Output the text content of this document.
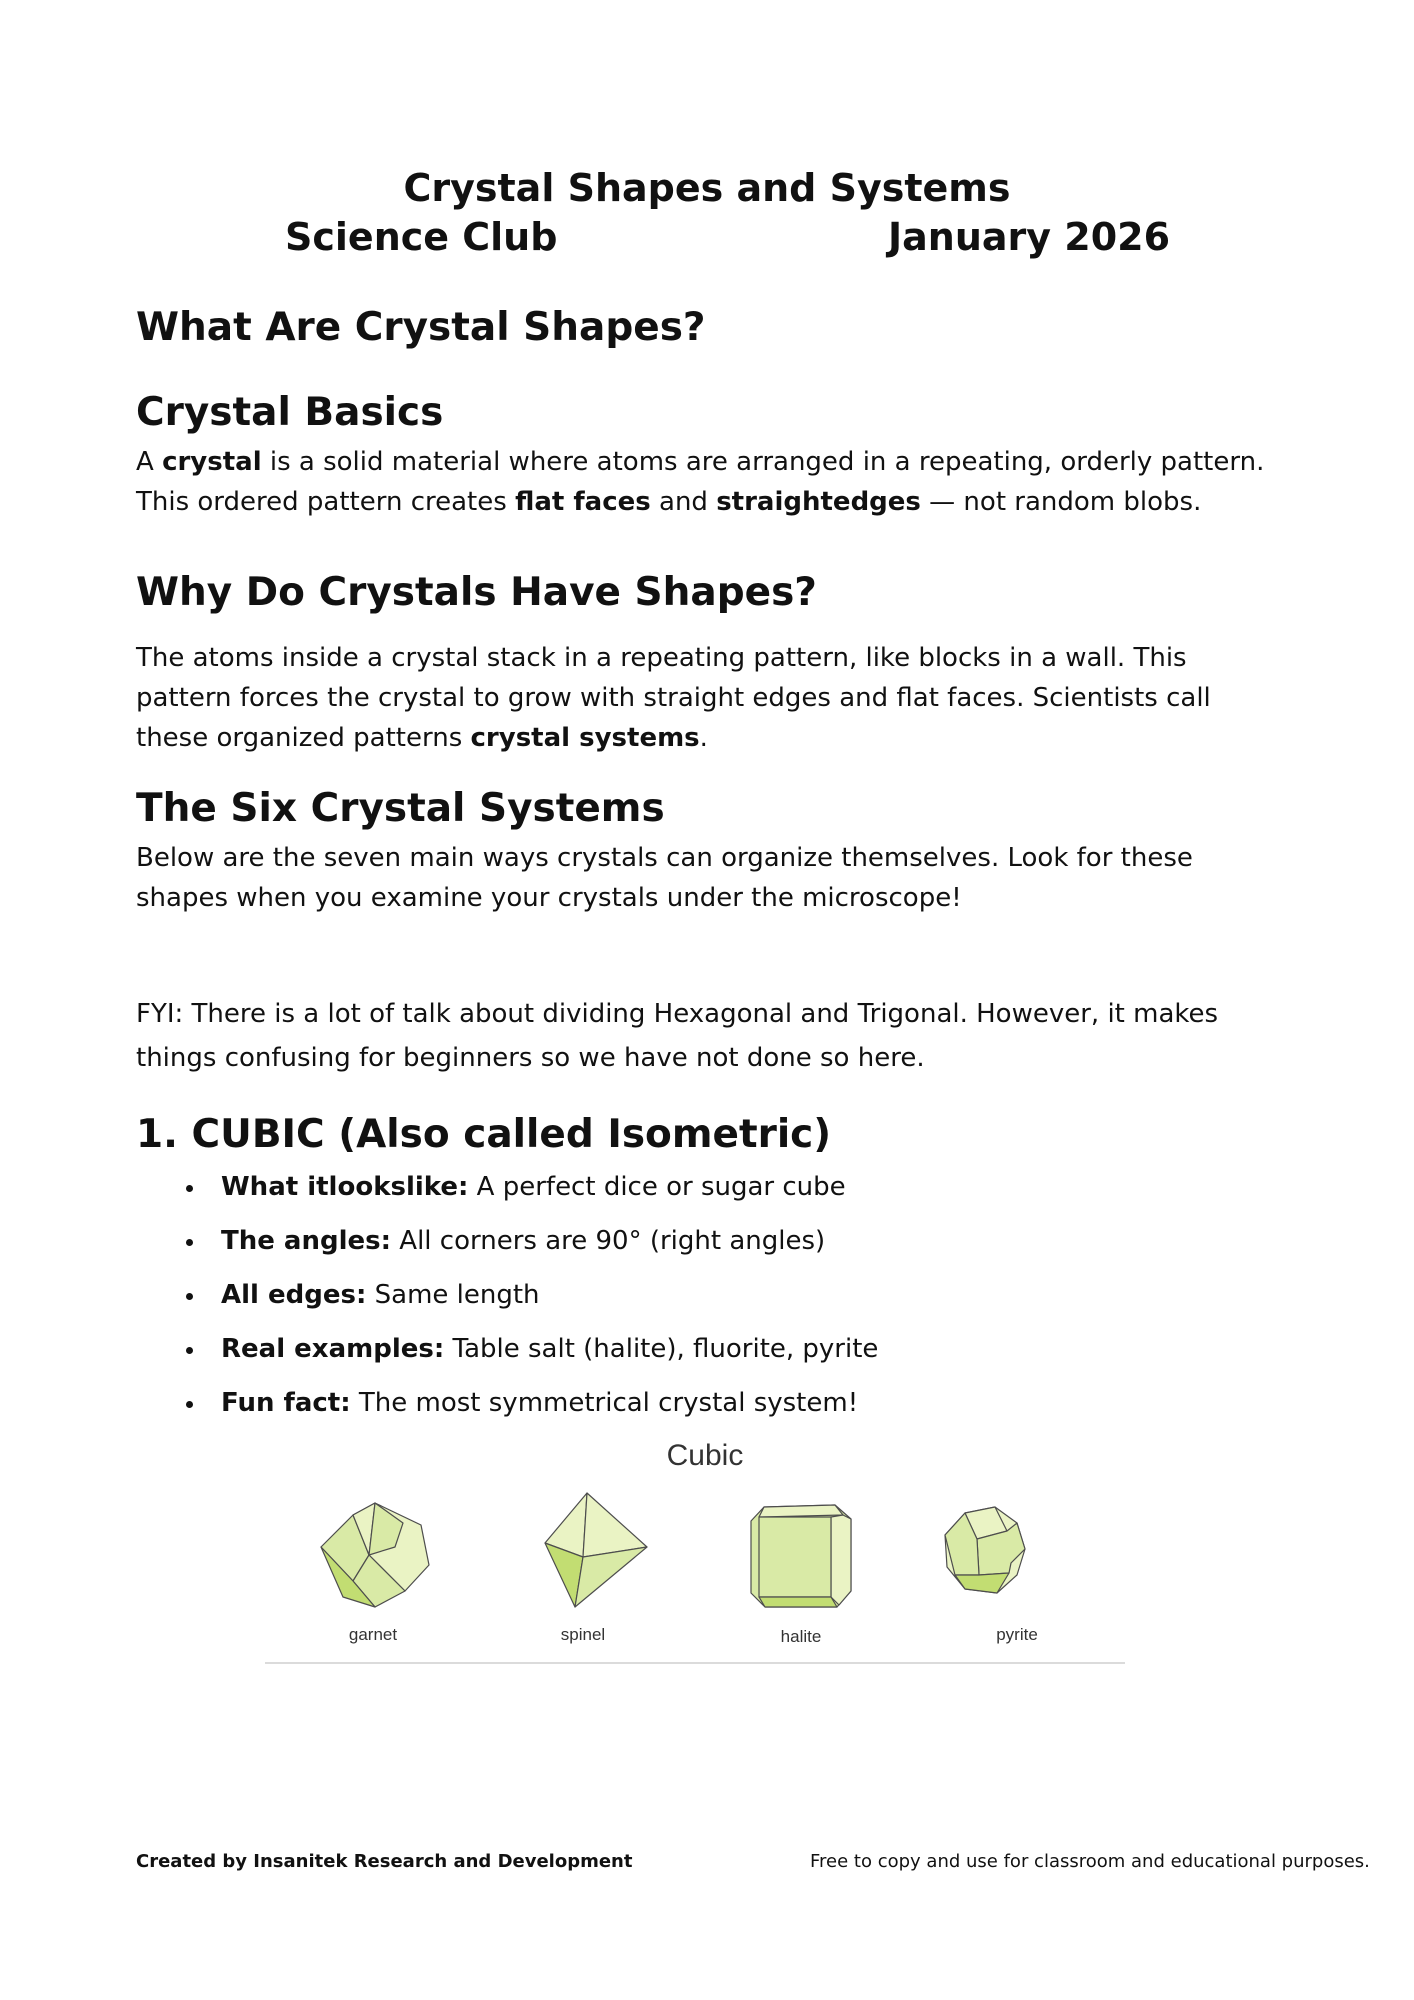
Crystal Shapes and Systems
Science Club	January 2026
What Are Crystal Shapes?
Crystal Basics

A crystal is a solid material where atoms are arranged in a repeating, orderly pattern. This ordered pattern creates flat faces and straightedges — not random blobs.

Why Do Crystals Have Shapes?

The atoms inside a crystal stack in a repeating pattern, like blocks in a wall. This pattern forces the crystal to grow with straight edges and flat faces. Scientists call these organized patterns crystal systems.

The Six Crystal Systems

Below are the seven main ways crystals can organize themselves. Look for these shapes when you examine your crystals under the microscope!

FYI: There is a lot of talk about dividing Hexagonal and Trigonal. However, it makes things confusing for beginners so we have not done so here.

1. CUBIC (Also called Isometric)
What itlookslike: A perfect dice or sugar cube
The angles: All corners are 90° (right angles)
All edges: Same length
Real examples: Table salt (halite), fluorite, pyrite
Fun fact: The most symmetrical crystal system!
Cubic
garnet	spinel	halite	pyrite
Created by Insanitek Research and Development	Free to copy and use for classroom and educational purposes.
